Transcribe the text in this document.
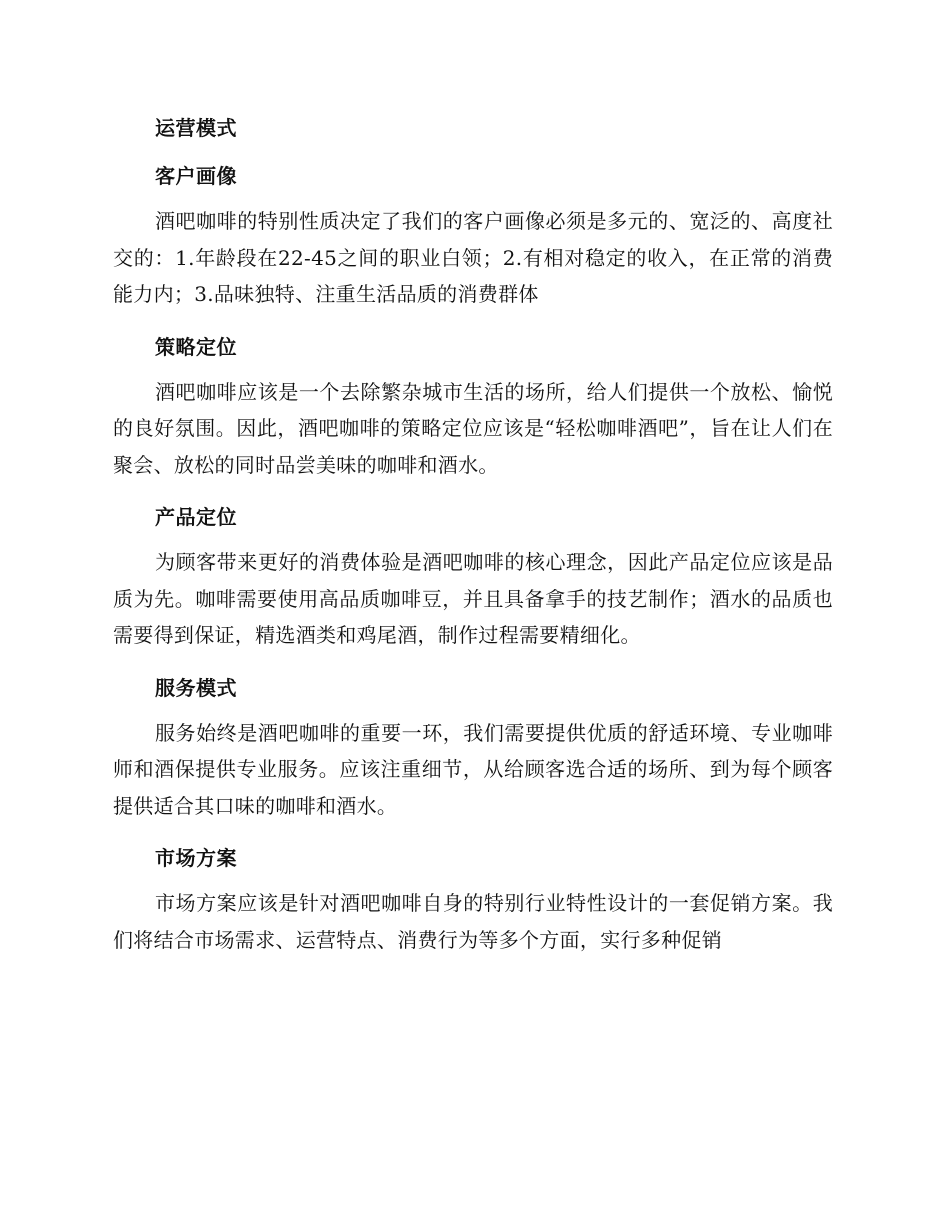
运营模式
客户画像

酒吧咖啡的特别性质决定了我们的客户画像必须是多元的、宽泛的、高度社交的：1.年龄段在22-45之间的职业白领；2.有相对稳定的收入，在正常的消费能力内；3.品味独特、注重生活品质的消费群体

策略定位

酒吧咖啡应该是一个去除繁杂城市生活的场所，给人们提供一个放松、愉悦的良好氛围。因此，酒吧咖啡的策略定位应该是“轻松咖啡酒吧”，旨在让人们在聚会、放松的同时品尝美味的咖啡和酒水。

产品定位

为顾客带来更好的消费体验是酒吧咖啡的核心理念，因此产品定位应该是品质为先。咖啡需要使用高品质咖啡豆，并且具备拿手的技艺制作；酒水的品质也需要得到保证，精选酒类和鸡尾酒，制作过程需要精细化。

服务模式

服务始终是酒吧咖啡的重要一环，我们需要提供优质的舒适环境、专业咖啡师和酒保提供专业服务。应该注重细节，从给顾客选合适的场所、到为每个顾客提供适合其口味的咖啡和酒水。

市场方案

市场方案应该是针对酒吧咖啡自身的特别行业特性设计的一套促销方案。我们将结合市场需求、运营特点、消费行为等多个方面，实行多种促销
